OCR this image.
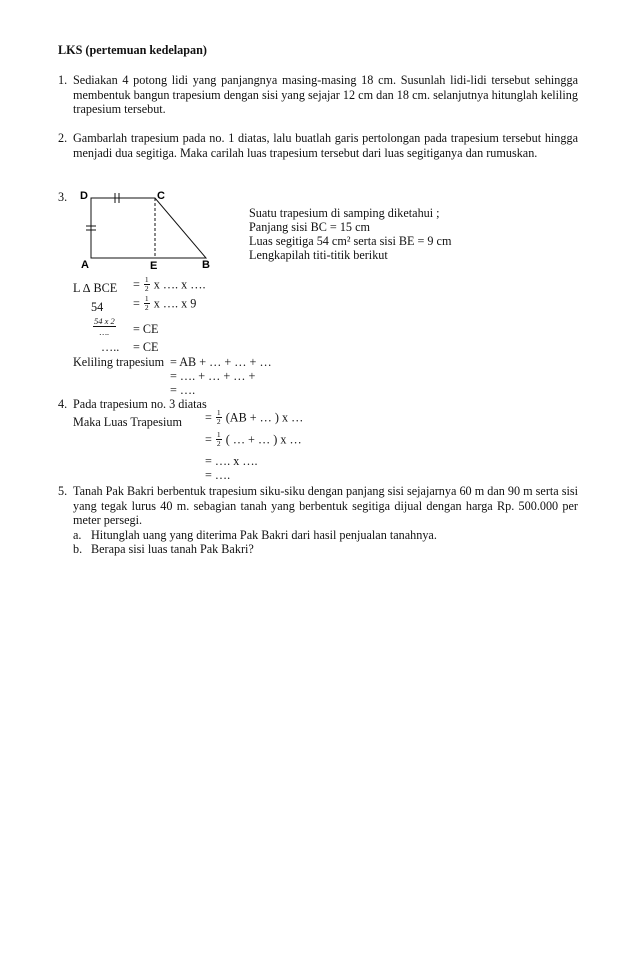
LKS (pertemuan kedelapan)
1. Sediakan 4 potong lidi yang panjangnya masing-masing 18 cm. Susunlah lidi-lidi tersebut sehingga membentuk bangun trapesium dengan sisi yang sejajar 12 cm dan 18 cm. selanjutnya hitunglah keliling trapesium tersebut.
2. Gambarlah trapesium pada no. 1 diatas, lalu buatlah garis pertolongan pada trapesium tersebut hingga menjadi dua segitiga. Maka carilah luas trapesium tersebut dari luas segitiganya dan rumuskan.
3. D	C
A	E	B
Suatu trapesium di samping diketahui ;
Panjang sisi BC = 15 cm
Luas segitiga 54 cm² serta sisi BE = 9 cm
Lengkapilah titi-titik berikut
L ∆ BCE = $\frac{1}{2}$ x …. x ….
$54 = \frac{1}{2}$ x …. x 9
$\frac{54 x 2}{\dots.}$ = CE
….. = CE
Keliling trapesium = AB + … + … + …
= …. + … + … +
= ….
4. Pada trapesium no. 3 diatas
Maka Luas Trapesium = $\frac{1}{2} (AB$ + … ) x …
= $\frac{1}{2}$ ( … + … ) x …
= …. x ….
= ….
5. Tanah Pak Bakri berbentuk trapesium siku-siku dengan panjang sisi sejajarnya 60 m dan 90 m serta sisi yang tegak lurus 40 m. sebagian tanah yang berbentuk segitiga dijual dengan harga Rp. 500.000 per meter persegi.
a. Hitunglah uang yang diterima Pak Bakri dari hasil penjualan tanahnya.
b. Berapa sisi luas tanah Pak Bakri?
